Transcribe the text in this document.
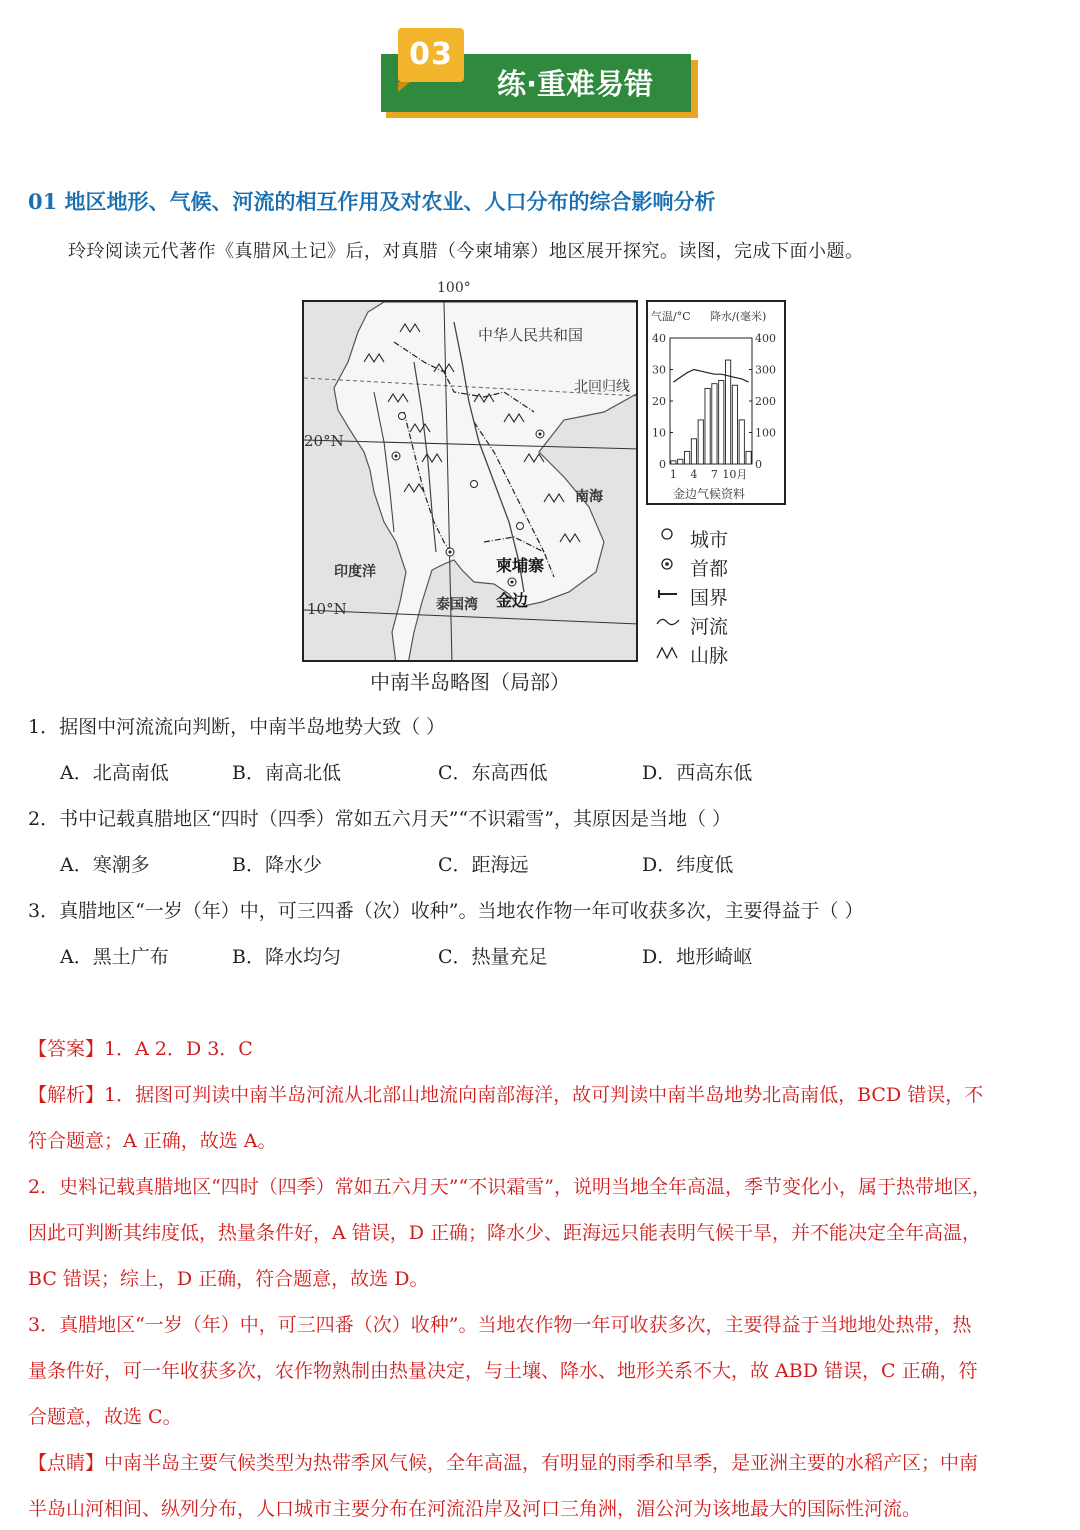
03
练·重难易错
01 地区地形、气候、河流的相互作用及对农业、人口分布的综合影响分析
玲玲阅读元代著作《真腊风土记》后，对真腊（今柬埔寨）地区展开探究。读图，完成下面小题。
100°
中华人民共和国
北回归线
20°N
南海
印度洋	柬埔寨
泰国湾 金边
10°N
气温/°C 降水/(毫米)
40
30
20
10
0
400
300
200
100
0
1 4 7 10月
金边气候资料
城市
首都
国界
河流
山脉
中南半岛略图（局部）
1．据图中河流流向判断，中南半岛地势大致（ ）
A．北高南低	B．南高北低	C．东高西低	D．西高东低
2．书中记载真腊地区“四时（四季）常如五六月天”“不识霜雪”，其原因是当地（ ）
A．寒潮多	B．降水少	C．距海远	D．纬度低
3．真腊地区“一岁（年）中，可三四番（次）收种”。当地农作物一年可收获多次，主要得益于（ ）
A．黑土广布	B．降水均匀	C．热量充足	D．地形崎岖
【答案】1．A 2．D 3．C
【解析】1．据图可判读中南半岛河流从北部山地流向南部海洋，故可判读中南半岛地势北高南低，BCD 错误，不
符合题意；A 正确，故选 A。
2．史料记载真腊地区“四时（四季）常如五六月天”“不识霜雪”，说明当地全年高温，季节变化小，属于热带地区，
因此可判断其纬度低，热量条件好，A 错误，D 正确；降水少、距海远只能表明气候干旱，并不能决定全年高温，
BC 错误；综上，D 正确，符合题意，故选 D。
3．真腊地区“一岁（年）中，可三四番（次）收种”。当地农作物一年可收获多次，主要得益于当地地处热带，热
量条件好，可一年收获多次，农作物熟制由热量决定，与土壤、降水、地形关系不大，故 ABD 错误，C 正确，符
合题意，故选 C。
【点睛】中南半岛主要气候类型为热带季风气候，全年高温，有明显的雨季和旱季，是亚洲主要的水稻产区；中南
半岛山河相间、纵列分布，人口城市主要分布在河流沿岸及河口三角洲，湄公河为该地最大的国际性河流。
